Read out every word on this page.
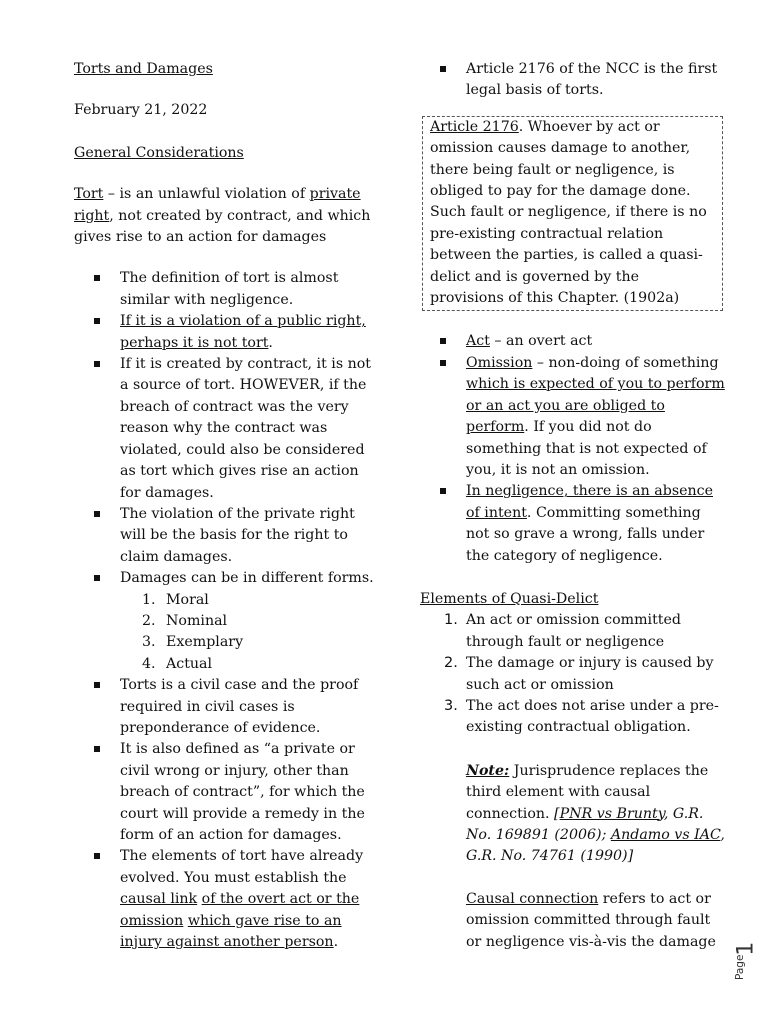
Torts and Damages

February 21, 2022

General Considerations

Tort – is an unlawful violation of private right, not created by contract, and which gives rise to an action for damages

The definition of tort is almost similar with negligence.
If it is a violation of a public right, perhaps it is not tort.
If it is created by contract, it is not a source of tort. HOWEVER, if the breach of contract was the very reason why the contract was violated, could also be considered as tort which gives rise an action for damages.
The violation of the private right will be the basis for the right to claim damages.
Damages can be in different forms.
1. Moral
2. Nominal
3. Exemplary
4. Actual
Torts is a civil case and the proof required in civil cases is preponderance of evidence.
It is also defined as “a private or civil wrong or injury, other than breach of contract”, for which the court will provide a remedy in the form of an action for damages.
The elements of tort have already evolved. You must establish the causal link of the overt act or the omission which gave rise to an injury against another person.
Article 2176 of the NCC is the first legal basis of torts.
Article 2176. Whoever by act or omission causes damage to another, there being fault or negligence, is obliged to pay for the damage done. Such fault or negligence, if there is no pre-existing contractual relation between the parties, is called a quasi-delict and is governed by the provisions of this Chapter. (1902a)
Act – an overt act
Omission – non-doing of something which is expected of you to perform or an act you are obliged to perform. If you did not do something that is not expected of you, it is not an omission.
In negligence, there is an absence of intent. Committing something not so grave a wrong, falls under the category of negligence.

Elements of Quasi-Delict

1. An act or omission committed through fault or negligence
2. The damage or injury is caused by such act or omission
3. The act does not arise under a pre-existing contractual obligation.

Note: Jurisprudence replaces the third element with causal connection. [PNR vs Brunty, G.R. No. 169891 (2006); Andamo vs IAC, G.R. No. 74761 (1990)]

Causal connection refers to act or omission committed through fault or negligence vis-à-vis the damage

Page
1
